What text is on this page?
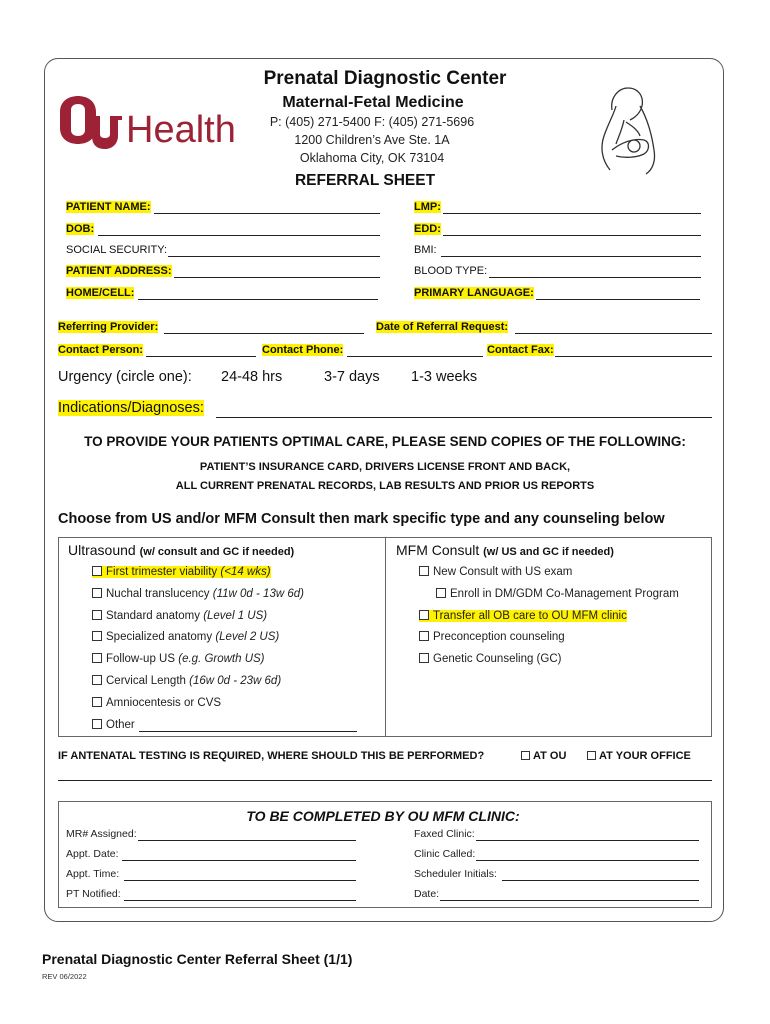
Health
Prenatal Diagnostic Center
Maternal-Fetal Medicine
P: (405) 271-5400 F: (405) 271-5696
1200 Children’s Ave Ste. 1A
Oklahoma City, OK 73104
REFERRAL SHEET
PATIENT NAME:
DOB:
SOCIAL SECURITY:
PATIENT ADDRESS:
HOME/CELL:
LMP:
EDD:
BMI:
BLOOD TYPE:
PRIMARY LANGUAGE:
Referring Provider:	Date of Referral Request:
Contact Person:	Contact Phone:	Contact Fax:
Urgency (circle one): 24-48 hrs	3-7 days 1-3 weeks
Indications/Diagnoses:
TO PROVIDE YOUR PATIENTS OPTIMAL CARE, PLEASE SEND COPIES OF THE FOLLOWING:
PATIENT’S INSURANCE CARD, DRIVERS LICENSE FRONT AND BACK,
ALL CURRENT PRENATAL RECORDS, LAB RESULTS AND PRIOR US REPORTS
Choose from US and/or MFM Consult then mark specific type and any counseling below
Ultrasound (w/ consult and GC if needed)	MFM Consult (w/ US and GC if needed)
First trimester viability (<14 wks)
Nuchal translucency (11w 0d - 13w 6d)
Standard anatomy (Level 1 US)
Specialized anatomy (Level 2 US)
Follow-up US (e.g. Growth US)
Cervical Length (16w 0d - 23w 6d)
Amniocentesis or CVS
Other
New Consult with US exam
Enroll in DM/GDM Co-Management Program
Transfer all OB care to OU MFM clinic
Preconception counseling
Genetic Counseling (GC)
IF ANTENATAL TESTING IS REQUIRED, WHERE SHOULD THIS BE PERFORMED?	AT OU	AT YOUR OFFICE
TO BE COMPLETED BY OU MFM CLINIC:
MR# Assigned:
Appt. Date:
Appt. Time:
PT Notified:
Faxed Clinic:
Clinic Called:
Scheduler Initials:
Date:
Prenatal Diagnostic Center Referral Sheet (1/1)
REV 06/2022
